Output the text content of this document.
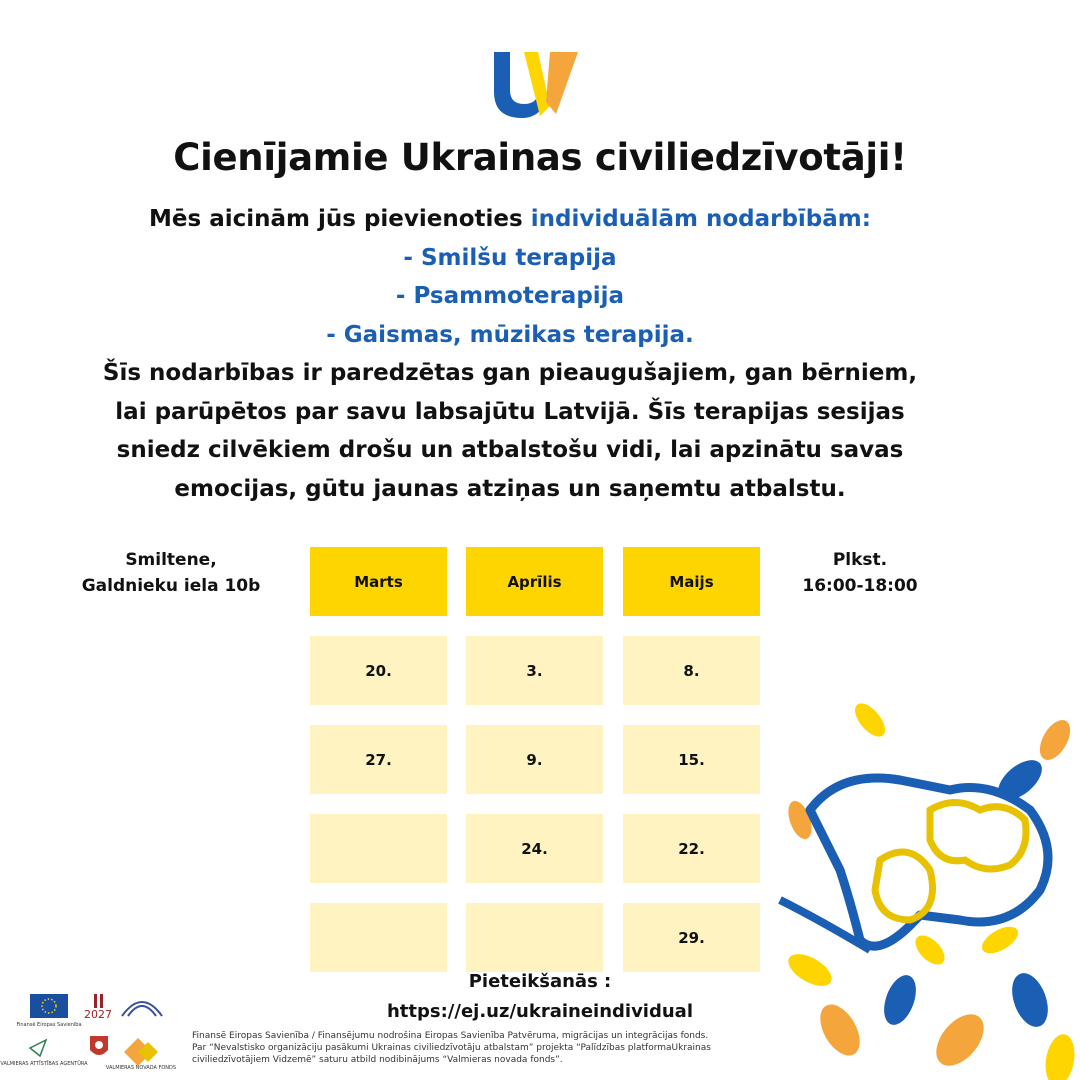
Cienījamie Ukrainas civiliedzīvotāji!
Mēs aicinām jūs pievienoties individuālām nodarbībām:
- Smilšu terapija
- Psammoterapija
- Gaismas, mūzikas terapija.
Šīs nodarbības ir paredzētas gan pieaugušajiem, gan bērniem, lai parūpētos par savu labsajūtu Latvijā. Šīs terapijas sesijas sniedz cilvēkiem drošu un atbalstošu vidi, lai apzinātu savas emocijas, gūtu jaunas atziņas un saņemtu atbalstu.
Smiltene,
Galdnieku iela 10b
Plkst.
16:00-18:00
Marts	Aprīlis	Maijs
20.
27.
3.
9.
24.
8.
15.
22.
29.
Pieteikšanās :
https://ej.uz/ukraineindividual
Finansē Eiropas Savienība
2027
VALMIERAS ATTĪSTĪBAS AĢENTŪRA
VALMIERAS NOVADA FONDS
Finansē Eiropas Savienība / Finansējumu nodrošina Eiropas Savienība Patvēruma, migrācijas un integrācijas fonds. Par “Nevalstisko organizāciju pasākumi Ukrainas civiliedzīvotāju atbalstam” projekta “Palīdzības platformaUkrainas civiliedzīvotājiem Vidzemē” saturu atbild nodibinājums “Valmieras novada fonds”.
